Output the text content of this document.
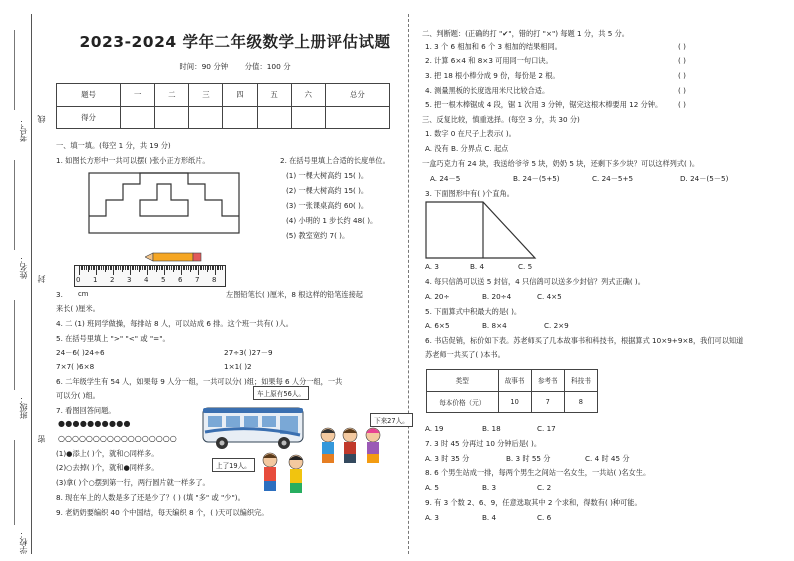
考号： 线
姓名： 封
班级：
密
学校：
2023-2024 学年二年级数学上册评估试题
时间：90 分钟 分值：100 分
题号	一	二	三	四	五	六	总分
得分							
一、填一填。(每空 1 分，共 19 分)
1. 如图长方形中一共可以摆( )张小正方形纸片。	2. 在括号里填上合适的长度单位。
(1) 一棵大树高约 15( )。
(2) 一棵大树高约 15( )。
(3) 一张课桌高约 60( )。
(4) 小明的 1 步长约 48( )。
(5) 教室宽约 7( )。
0 1 2 3 4 5 6 7 8
3. cm	左图铅笔长( )厘米，8 根这样的铅笔连接起
来长( )厘米。
4. 二 (1) 班同学做操，每排站 8 人，可以站成 6 排。这个班一共有( )人。
5. 在括号里填上 ">" "<" 或 "="。
24－6( )24÷6	27÷3( )27－9
7×7( )6×8	1×1( )2
6. 二年级学生有 54 人，如果每 9 人分一组，一共可以分( )组；如果每 6 人分一组，一共
可以分( )组。
7. 看图回答问题。
●●●●●●●●●●
○○○○○○○○○○○○○○○○○
(1)●添上( )个，就和○同样多。
(2)○去掉( )个，就和●同样多。
(3)拿( )个○摆到第一行，两行圆片就一样多了。
8. 现在车上的人数是多了还是少了？( ) (填 "多" 或 "少")。
9. 老奶奶要编织 40 个中国结，每天编织 8 个，( )天可以编织完。
车上原有56人。
下来27人。
上了19人。
二、判断题：(正确的打 "✔"，错的打 "×") 每题 1 分，共 5 分。
1. 3 个 6 相加和 6 个 3 相加的结果相同。	( )
2. 计算 6×4 和 8×3 可用同一句口诀。	( )
3. 把 18 根小棒分成 9 份，每份是 2 根。	( )
4. 测量黑板的长度选用米尺比较合适。	( )
5. 把一根木棒锯成 4 段，锯 1 次用 3 分钟，锯完这根木棒要用 12 分钟。 ( )
三、反复比较，慎重选择。(每空 3 分，共 30 分)
1. 数字 0 在尺子上表示( )。
A. 没有 B. 分界点 C. 起点
一盒巧克力有 24 块，我送给爷爷 5 块，奶奶 5 块，还剩下多少块？可以这样列式( )。
A. 24－5	B. 24－(5+5)	C. 24－5+5	D. 24－(5－5)
3. 下面图形中有( )个直角。
A. 3	B. 4	C. 5
4. 每只信鸽可以送 5 封信，4 只信鸽可以送多少封信？列式正确( )。
A. 20÷	B. 20÷4	C. 4×5
5. 下面算式中积最大的是( )。
A. 6×5	B. 8×4	C. 2×9
6. 书店促销，标价如下表。苏老师买了几本故事书和科技书，根据算式 10×9+9×8，我们可以知道
苏老师一共买了( )本书。
类型	故事书	参考书	科技书
每本价格（元）	10	7	8
A. 19	B. 18	C. 17
7. 3 时 45 分再过 10 分钟后是( )。
A. 3 时 35 分	B. 3 时 55 分	C. 4 时 45 分
8. 6 个男生站成一排，每两个男生之间站一名女生，一共站( )名女生。
A. 5	B. 3	C. 2
9. 有 3 个数 2、6、9，任意选取其中 2 个求和，得数有( )种可能。
A. 3	B. 4	C. 6
